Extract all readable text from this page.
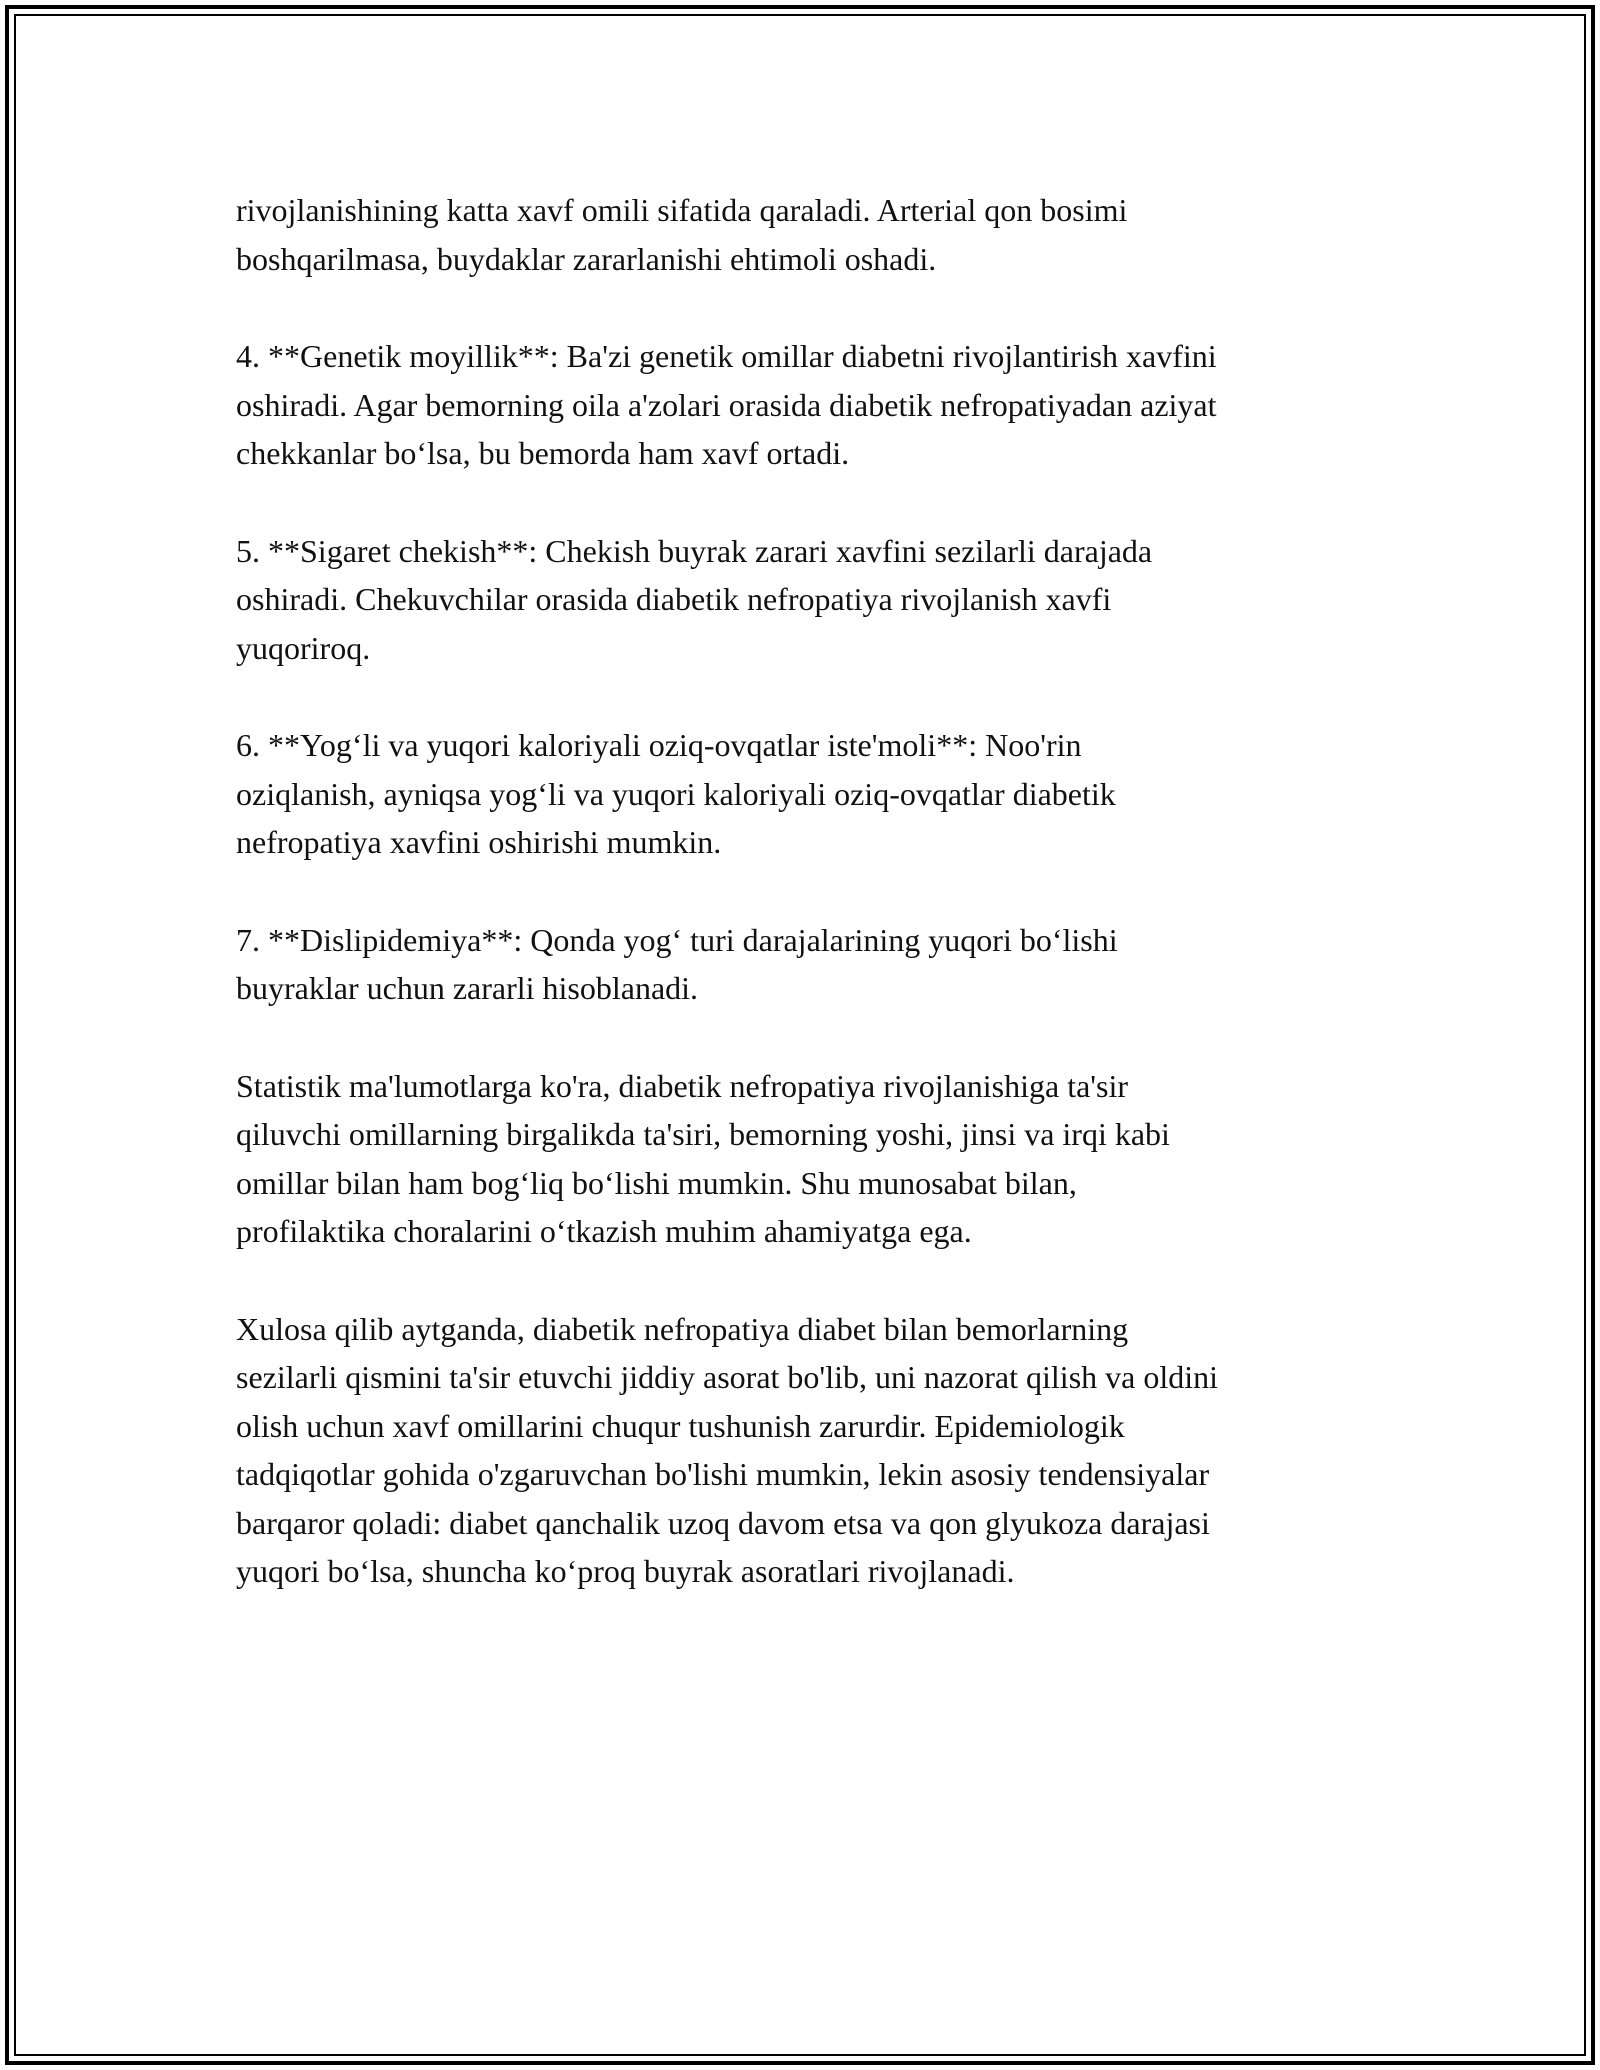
rivojlanishining katta xavf omili sifatida qaraladi. Arterial qon bosimi
boshqarilmasa, buydaklar zararlanishi ehtimoli oshadi.

4. **Genetik moyillik**: Ba'zi genetik omillar diabetni rivojlantirish xavfini
oshiradi. Agar bemorning oila a'zolari orasida diabetik nefropatiyadan aziyat
chekkanlar bo‘lsa, bu bemorda ham xavf ortadi.

5. **Sigaret chekish**: Chekish buyrak zarari xavfini sezilarli darajada
oshiradi. Chekuvchilar orasida diabetik nefropatiya rivojlanish xavfi
yuqoriroq.

6. **Yog‘li va yuqori kaloriyali oziq-ovqatlar iste'moli**: Noo'rin
oziqlanish, ayniqsa yog‘li va yuqori kaloriyali oziq-ovqatlar diabetik
nefropatiya xavfini oshirishi mumkin.

7. **Dislipidemiya**: Qonda yog‘ turi darajalarining yuqori bo‘lishi
buyraklar uchun zararli hisoblanadi.

Statistik ma'lumotlarga ko'ra, diabetik nefropatiya rivojlanishiga ta'sir
qiluvchi omillarning birgalikda ta'siri, bemorning yoshi, jinsi va irqi kabi
omillar bilan ham bog‘liq bo‘lishi mumkin. Shu munosabat bilan,
profilaktika choralarini o‘tkazish muhim ahamiyatga ega.

Xulosa qilib aytganda, diabetik nefropatiya diabet bilan bemorlarning
sezilarli qismini ta'sir etuvchi jiddiy asorat bo'lib, uni nazorat qilish va oldini
olish uchun xavf omillarini chuqur tushunish zarurdir. Epidemiologik
tadqiqotlar gohida o'zgaruvchan bo'lishi mumkin, lekin asosiy tendensiyalar
barqaror qoladi: diabet qanchalik uzoq davom etsa va qon glyukoza darajasi
yuqori bo‘lsa, shuncha ko‘proq buyrak asoratlari rivojlanadi.
